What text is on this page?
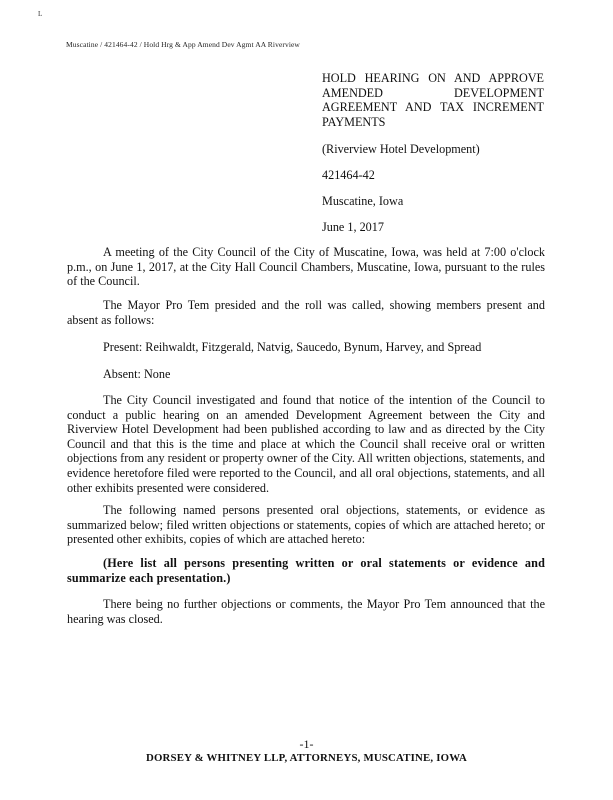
L
Muscatine / 421464-42 / Hold Hrg & App Amend Dev Agmt AA Riverview

HOLD HEARING ON AND APPROVE AMENDED DEVELOPMENT AGREEMENT AND TAX INCREMENT PAYMENTS

(Riverview Hotel Development)
421464-42
Muscatine, Iowa
June 1, 2017

A meeting of the City Council of the City of Muscatine, Iowa, was held at 7:00 o'clock p.m., on June 1, 2017, at the City Hall Council Chambers, Muscatine, Iowa, pursuant to the rules of the Council.

The Mayor Pro Tem presided and the roll was called, showing members present and absent as follows:

Present: Reihwaldt, Fitzgerald, Natvig, Saucedo, Bynum, Harvey, and Spread

Absent: None

The City Council investigated and found that notice of the intention of the Council to conduct a public hearing on an amended Development Agreement between the City and Riverview Hotel Development had been published according to law and as directed by the City Council and that this is the time and place at which the Council shall receive oral or written objections from any resident or property owner of the City. All written objections, statements, and evidence heretofore filed were reported to the Council, and all oral objections, statements, and all other exhibits presented were considered.

The following named persons presented oral objections, statements, or evidence as summarized below; filed written objections or statements, copies of which are attached hereto; or presented other exhibits, copies of which are attached hereto:

(Here list all persons presenting written or oral statements or evidence and summarize each presentation.)

There being no further objections or comments, the Mayor Pro Tem announced that the hearing was closed.

-1-
DORSEY & WHITNEY LLP, ATTORNEYS, MUSCATINE, IOWA
